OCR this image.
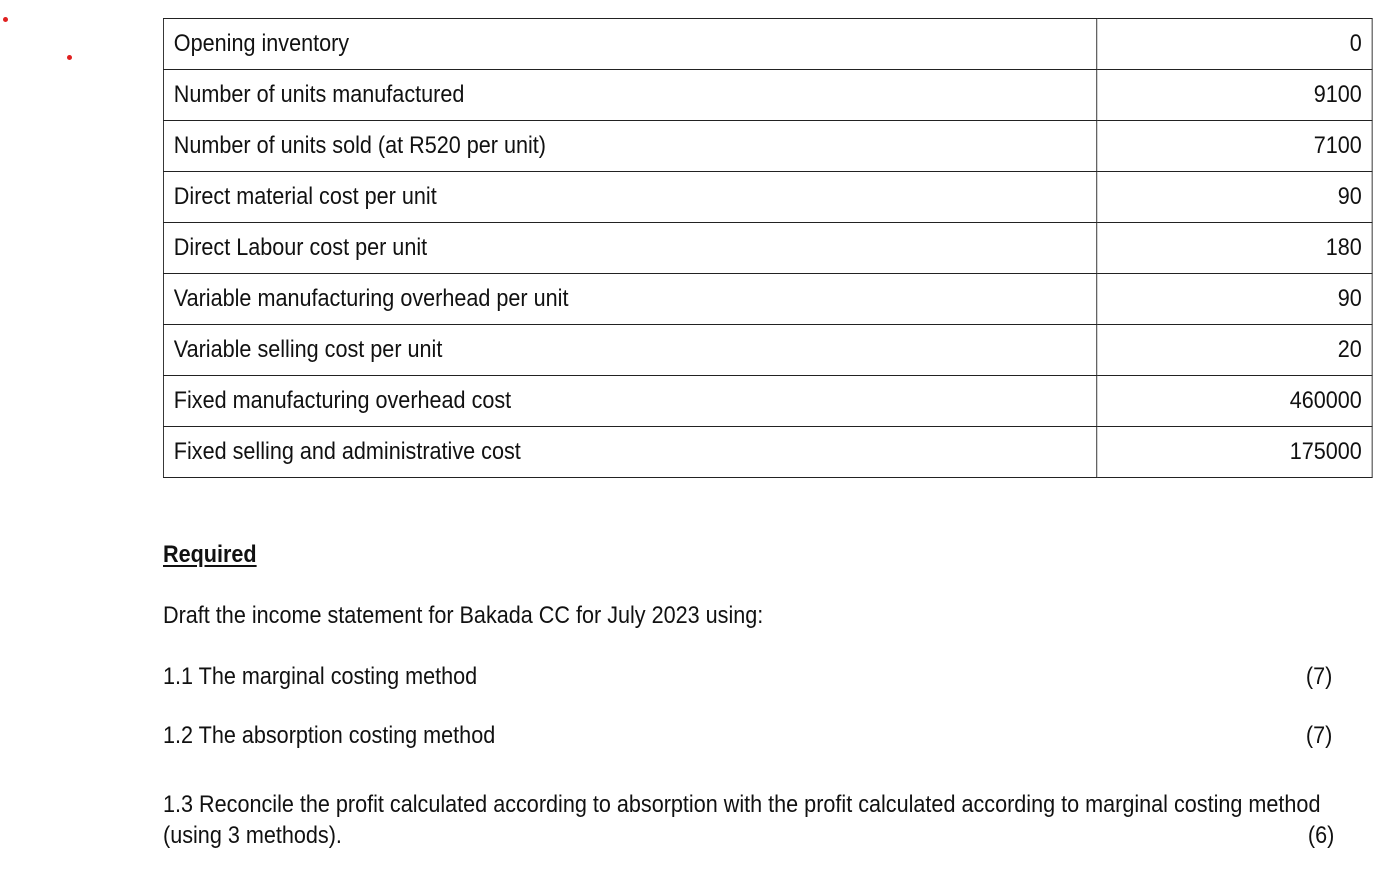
Opening inventory	0
Number of units manufactured	9100
Number of units sold (at R520 per unit)	7100
Direct material cost per unit	90
Direct Labour cost per unit	180
Variable manufacturing overhead per unit	90
Variable selling cost per unit	20
Fixed manufacturing overhead cost	460000
Fixed selling and administrative cost	175000
Required
Draft the income statement for Bakada CC for July 2023 using:
1.1 The marginal costing method	(7)
1.2 The absorption costing method	(7)
1.3 Reconcile the profit calculated according to absorption with the profit calculated according to marginal costing method
(using 3 methods).	(6)
